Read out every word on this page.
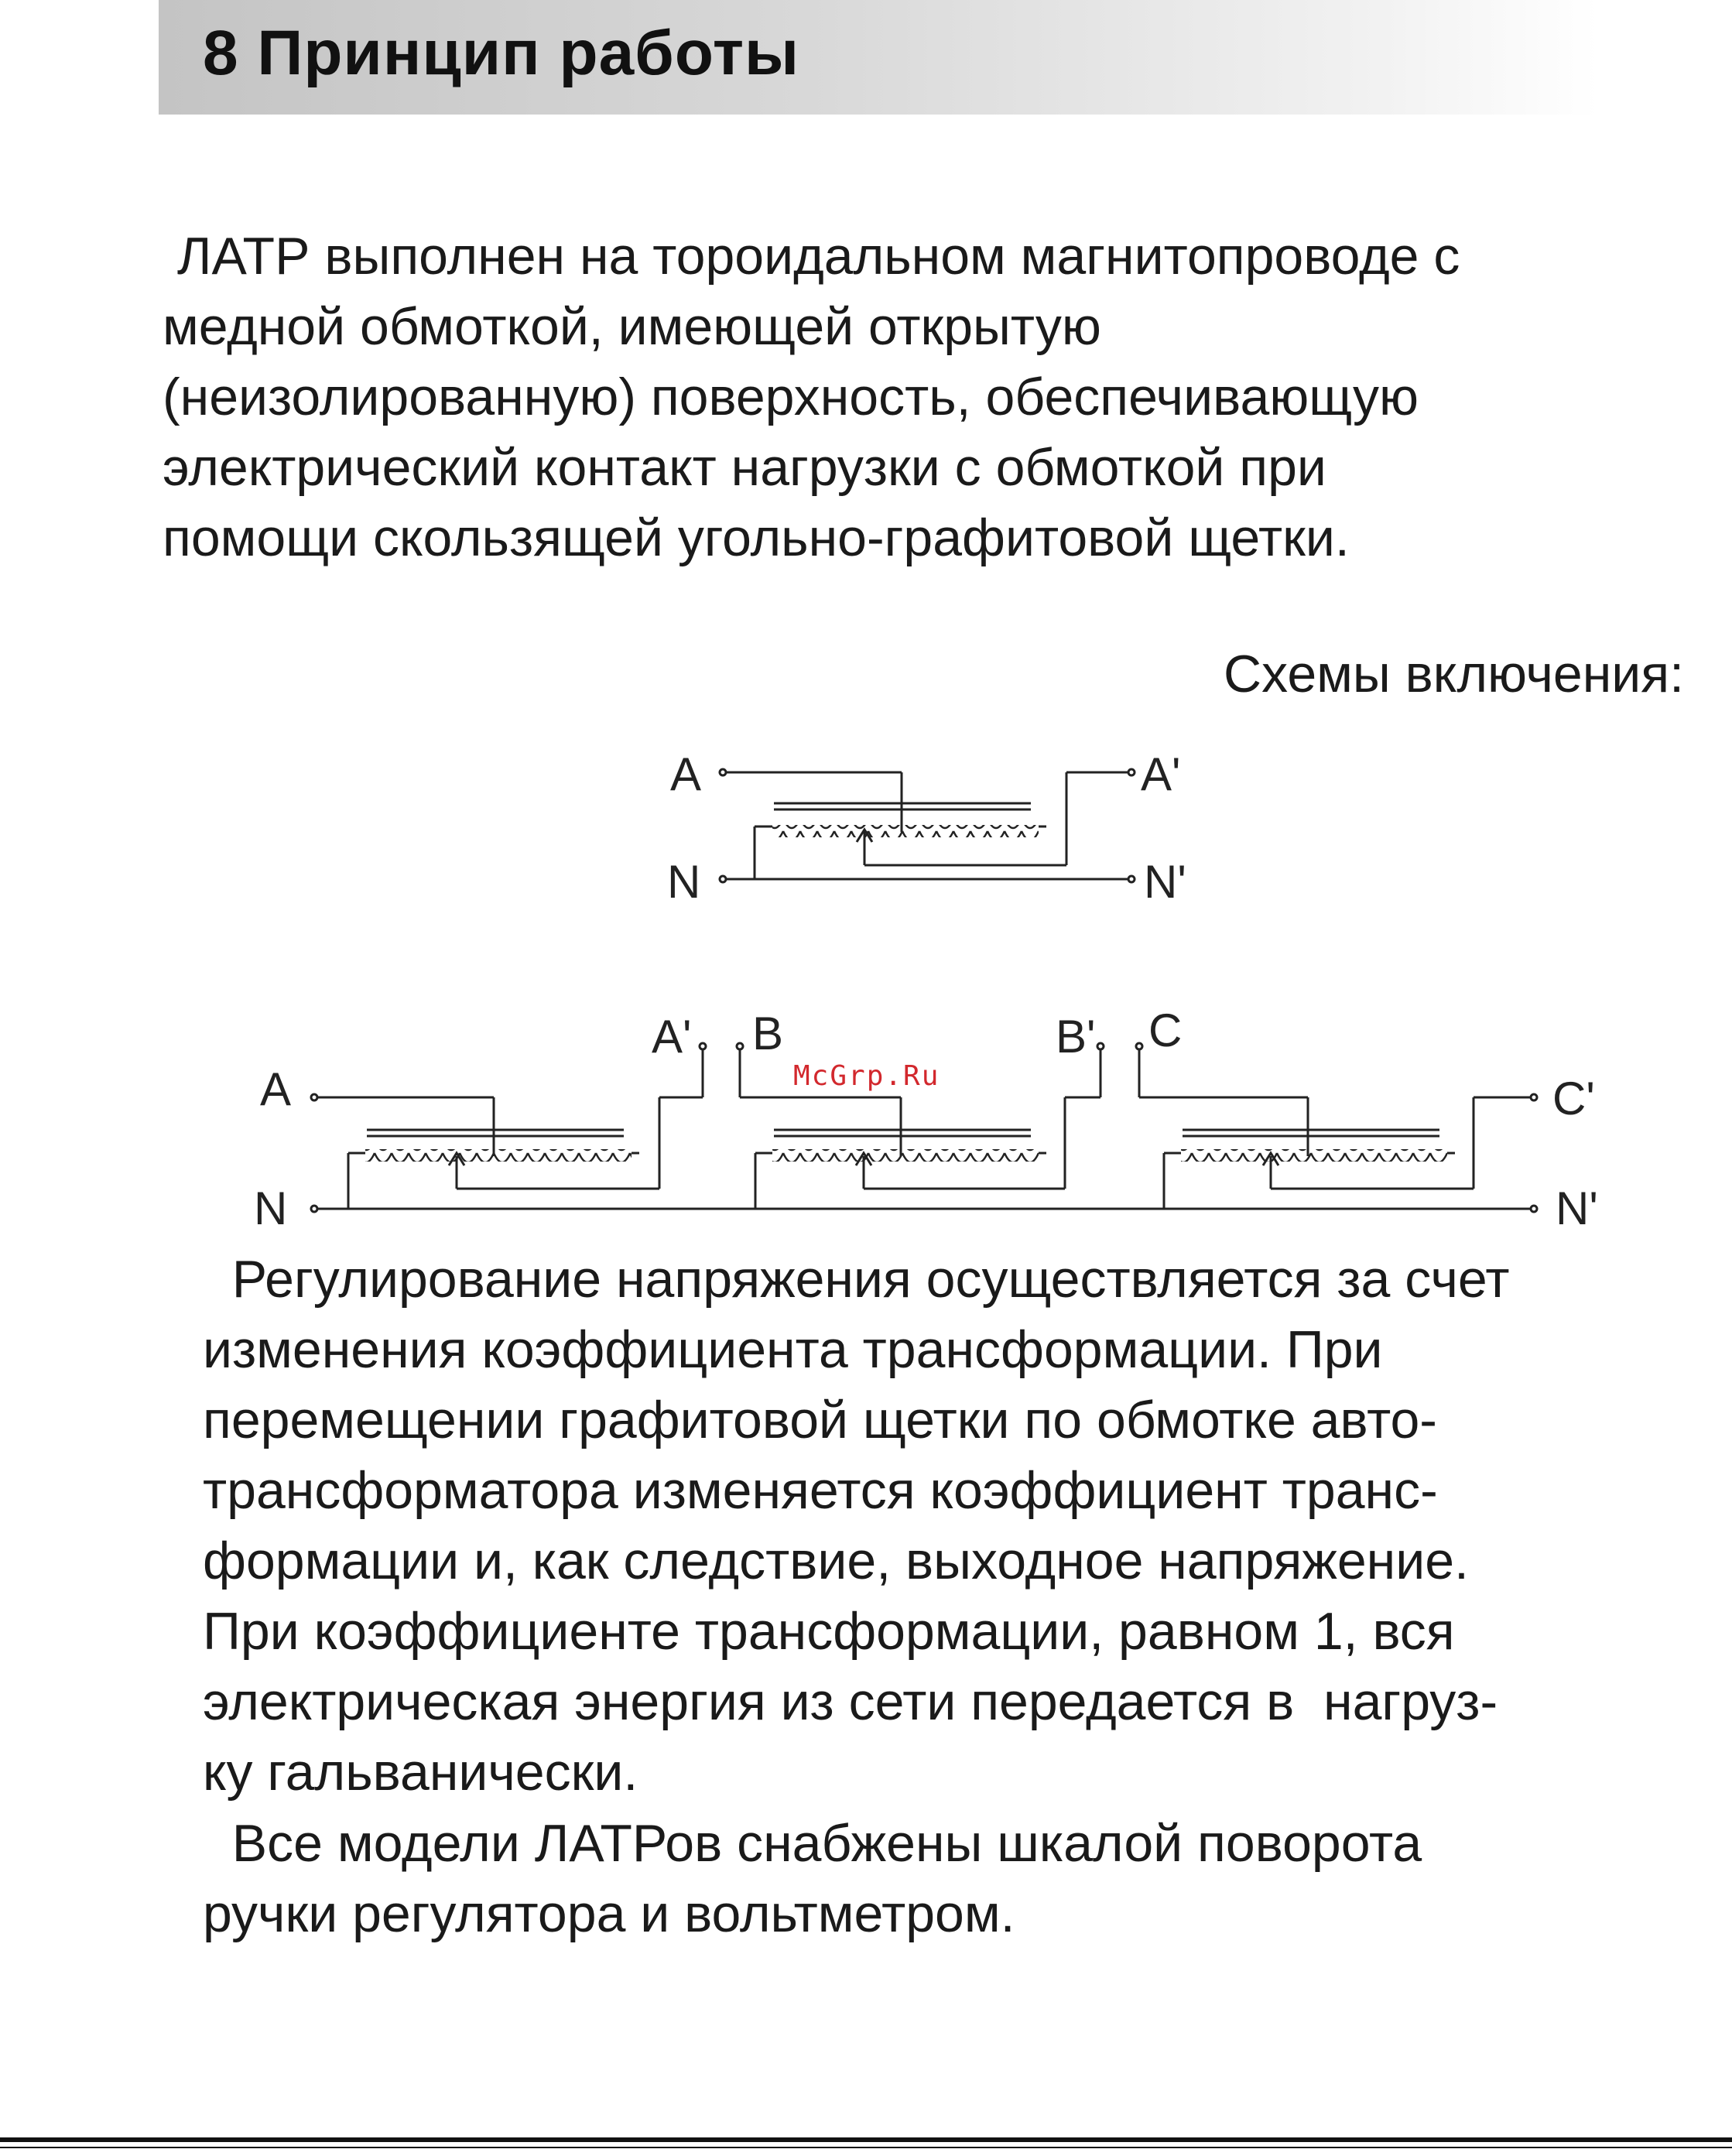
8 Принцип работы

ЛАТР выполнен на тороидальном магнитопроводе с
медной обмоткой, имеющей открытую
(неизолированную) поверхность, обеспечивающую
электрический контакт нагрузки с обмоткой при
помощи скользящей угольно-графитовой щетки.

Схемы включения:

A
N
A'
N'
A
N
A' B	B' C
C'
N'
McGrp.Ru

Регулирование напряжения осуществляется за счет
изменения коэффициента трансформации. При
перемещении графитовой щетки по обмотке авто-
трансформатора изменяется коэффициент транс-
формации и, как следствие, выходное напряжение.
При коэффициенте трансформации, равном 1, вся
электрическая энергия из сети передается в  нагруз-
ку гальванически.

Все модели ЛАТРов снабжены шкалой поворота
ручки регулятора и вольтметром.
